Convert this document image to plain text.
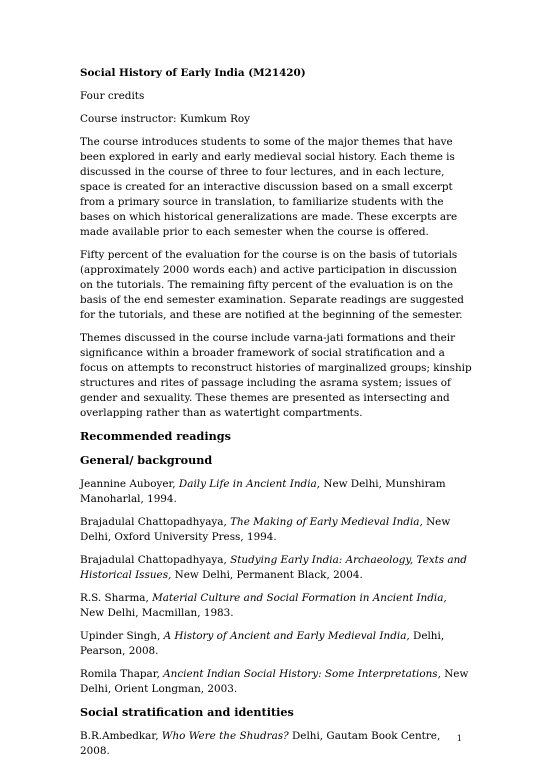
Social History of Early India (M21420)

Four credits

Course instructor: Kumkum Roy

The course introduces students to some of the major themes that have been explored in early and early medieval social history. Each theme is discussed in the course of three to four lectures, and in each lecture, space is created for an interactive discussion based on a small excerpt from a primary source in translation, to familiarize students with the bases on which historical generalizations are made. These excerpts are made available prior to each semester when the course is offered.

Fifty percent of the evaluation for the course is on the basis of tutorials (approximately 2000 words each) and active participation in discussion on the tutorials. The remaining fifty percent of the evaluation is on the basis of the end semester examination. Separate readings are suggested for the tutorials, and these are notified at the beginning of the semester.

Themes discussed in the course include varna-jati formations and their significance within a broader framework of social stratification and a focus on attempts to reconstruct histories of marginalized groups; kinship structures and rites of passage including the asrama system; issues of gender and sexuality. These themes are presented as intersecting and overlapping rather than as watertight compartments.

Recommended readings
General/ background

Jeannine Auboyer, Daily Life in Ancient India, New Delhi, Munshiram Manoharlal, 1994.

Brajadulal Chattopadhyaya, The Making of Early Medieval India, New Delhi, Oxford University Press, 1994.

Brajadulal Chattopadhyaya, Studying Early India: Archaeology, Texts and Historical Issues, New Delhi, Permanent Black, 2004.

R.S. Sharma, Material Culture and Social Formation in Ancient India, New Delhi, Macmillan, 1983.

Upinder Singh, A History of Ancient and Early Medieval India, Delhi, Pearson, 2008.

Romila Thapar, Ancient Indian Social History: Some Interpretations, New Delhi, Orient Longman, 2003.

Social stratification and identities

B.R.Ambedkar, Who Were the Shudras? Delhi, Gautam Book Centre, 2008.

1
